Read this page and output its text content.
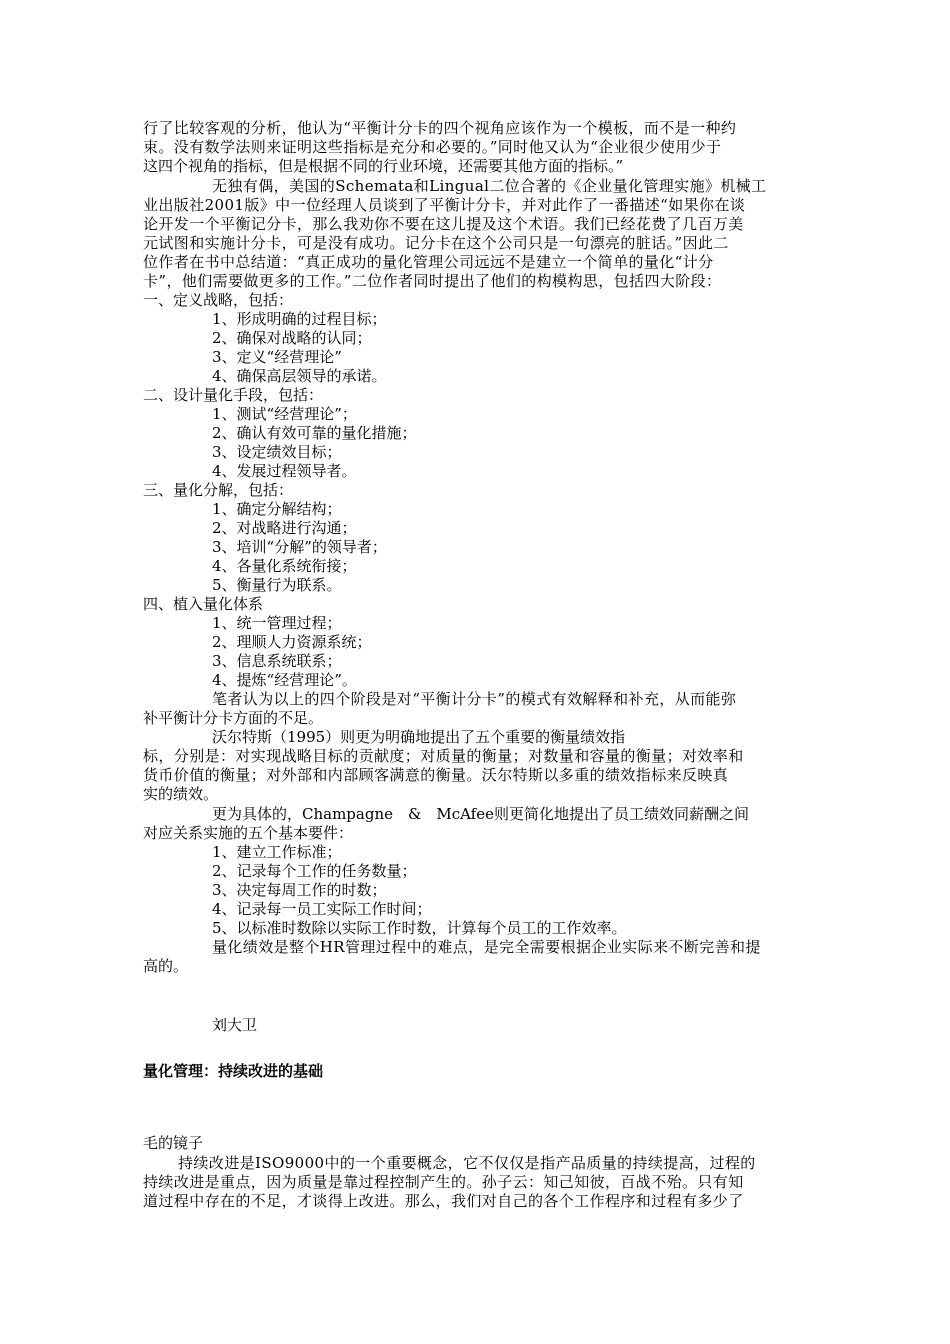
行了比较客观的分析，他认为“平衡计分卡的四个视角应该作为一个模板，而不是一种约

束。没有数学法则来证明这些指标是充分和必要的。”同时他又认为“企业很少使用少于

这四个视角的指标，但是根据不同的行业环境，还需要其他方面的指标。”

无独有偶，美国的Schemata和Lingual二位合著的《企业量化管理实施》机械工

业出版社2001版》中一位经理人员谈到了平衡计分卡，并对此作了一番描述“如果你在谈

论开发一个平衡记分卡，那么我劝你不要在这儿提及这个术语。我们已经花费了几百万美

元试图和实施计分卡，可是没有成功。记分卡在这个公司只是一句漂亮的脏话。”因此二

位作者在书中总结道：“真正成功的量化管理公司远远不是建立一个简单的量化“计分

卡”，他们需要做更多的工作。”二位作者同时提出了他们的构模构思，包括四大阶段：

一、定义战略，包括：

1、形成明确的过程目标；

2、确保对战略的认同；

3、定义“经营理论”

4、确保高层领导的承诺。

二、设计量化手段，包括：

1、测试“经营理论”；

2、确认有效可靠的量化措施；

3、设定绩效目标；

4、发展过程领导者。

三、量化分解，包括：

1、确定分解结构；

2、对战略进行沟通；

3、培训“分解”的领导者；

4、各量化系统衔接；

5、衡量行为联系。

四、植入量化体系

1、统一管理过程；

2、理顺人力资源系统；

3、信息系统联系；

4、提炼“经营理论”。

笔者认为以上的四个阶段是对“平衡计分卡”的模式有效解释和补充，从而能弥

补平衡计分卡方面的不足。

沃尔特斯（1995）则更为明确地提出了五个重要的衡量绩效指

标，分别是：对实现战略目标的贡献度；对质量的衡量；对数量和容量的衡量；对效率和

货币价值的衡量；对外部和内部顾客满意的衡量。沃尔特斯以多重的绩效指标来反映真

实的绩效。

更为具体的，Champagne　&　McAfee则更简化地提出了员工绩效同薪酬之间

对应关系实施的五个基本要件：

1、建立工作标准；

2、记录每个工作的任务数量；

3、决定每周工作的时数；

4、记录每一员工实际工作时间；

5、以标准时数除以实际工作时数，计算每个员工的工作效率。

量化绩效是整个HR管理过程中的难点，是完全需要根据企业实际来不断完善和提

高的。

刘大卫

量化管理：持续改进的基础

毛的镜子

持续改进是ISO9000中的一个重要概念，它不仅仅是指产品质量的持续提高，过程的

持续改进是重点，因为质量是靠过程控制产生的。孙子云：知己知彼，百战不殆。只有知

道过程中存在的不足，才谈得上改进。那么，我们对自己的各个工作程序和过程有多少了
